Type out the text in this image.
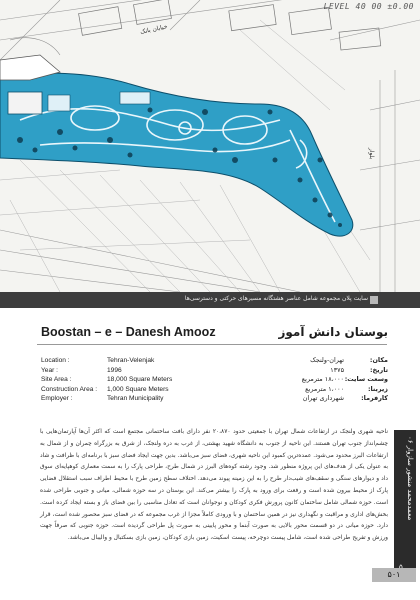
LEVEL 40 00 ±0.00
خیابان بانک
بلوار
سایت پلان مجموعه شامل عناصر هشتگانه مسیرهای حرکتی و دسترسی‌ها
Boostan – e – Danesh Amooz	بوستان دانش آموز
Location :	Tehran-Velenjak
Year :	1996
Site Area :	18,000 Square Meters
Construction Area :	1,000 Square Meters
Employer :	Tehran Municipality
مکان:
تهران-ولنجک
تاریخ:
۱۳۷۵
وسعت سایت:
۱۸،۰۰۰ مترمربع
زیربنا:
۱،۰۰۰ مترمربع
کارفرما:
شهرداری تهران
ناحیه شهری ولنجک در ارتفاعات شمال تهران با جمعیتی حدود ۲۰،۸۷۰ نفر دارای بافت ساختمانی مجتمع است که اکثر آن‌ها آپارتمان‌هایی با چشم‌انداز جنوب تهران هستند. این ناحیه از جنوب به دانشگاه شهید بهشتی، از غرب به دره ولنجک، از شرق به بزرگراه چمران و از شمال به ارتفاعات البرز محدود می‌شود. عمده‌ترین کمبود این ناحیه شهری، فضای سبز می‌باشد. بدین جهت ایجاد فضای سبز با برنامه‌ای با ظرافت و شاد به عنوان یکی از هدف‌های این پروژه منظور شد. وجود رشته کوه‌های البرز در شمال طرح، طراحی پارک را به سمت معماری کوهپایه‌ای سوق داد و دیوارهای سنگی و سقف‌های شیب‌دار طرح را به این زمینه پیوند می‌دهد. اختلاف سطح زمین طرح با محیط اطراف سبب استقلال فضایی پارک از محیط بیرون شده است و رفعت برای ورود به پارک را بیشتر می‌کند. این بوستان در سه حوزه شمالی، میانی و جنوبی طراحی شده است. حوزه شمالی شامل ساختمان کانون پرورش فکری کودکان و نوجوانان است که تعادل مناسبی را بین فضای باز و بسته ایجاد کرده است. بخش‌های اداری و مراقبت و نگهداری نیز در همین ساختمان و با ورودی کاملاً مجزا از غرب مجموعه که در فضای سبز محصور شده است، قرار دارد. حوزه میانی در دو قسمت محور بالایی به صورت آبنما و محور پایینی به صورت پل طراحی گردیده است. حوزه جنوبی که صرفاً جهت ورزش و تفریح طراحی شده است، شامل پیست دوچرخه، پیست اسکیت، زمین بازی کودکان، زمین بازی بسکتبال و والیبال می‌باشد.
معمدمحمد منشور سازوار ۰۶
۵۰۱
